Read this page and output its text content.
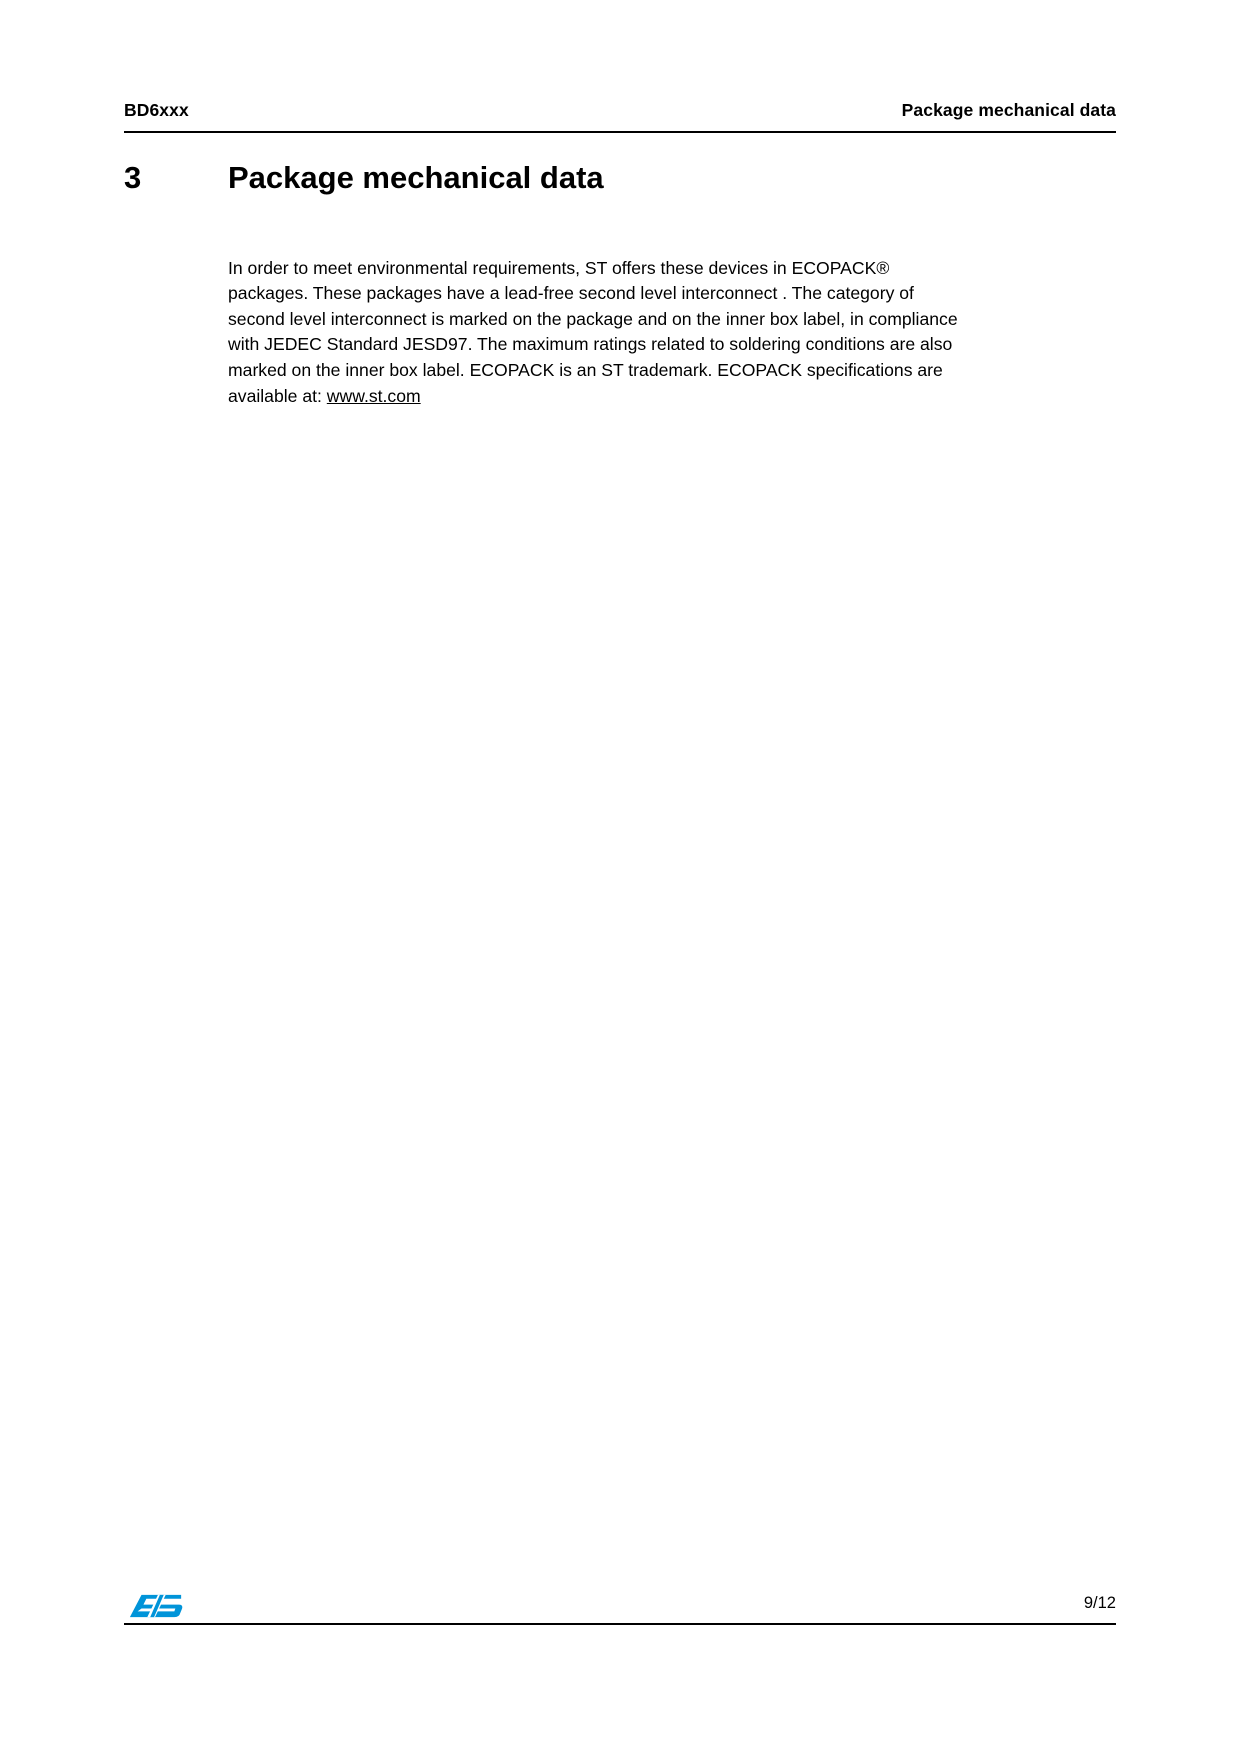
BD6xxx	Package mechanical data
3	Package mechanical data

In order to meet environmental requirements, ST offers these devices in ECOPACK® packages. These packages have a lead-free second level interconnect . The category of second level interconnect is marked on the package and on the inner box label, in compliance with JEDEC Standard JESD97. The maximum ratings related to soldering conditions are also marked on the inner box label. ECOPACK is an ST trademark. ECOPACK specifications are available at: www.st.com

9/12
